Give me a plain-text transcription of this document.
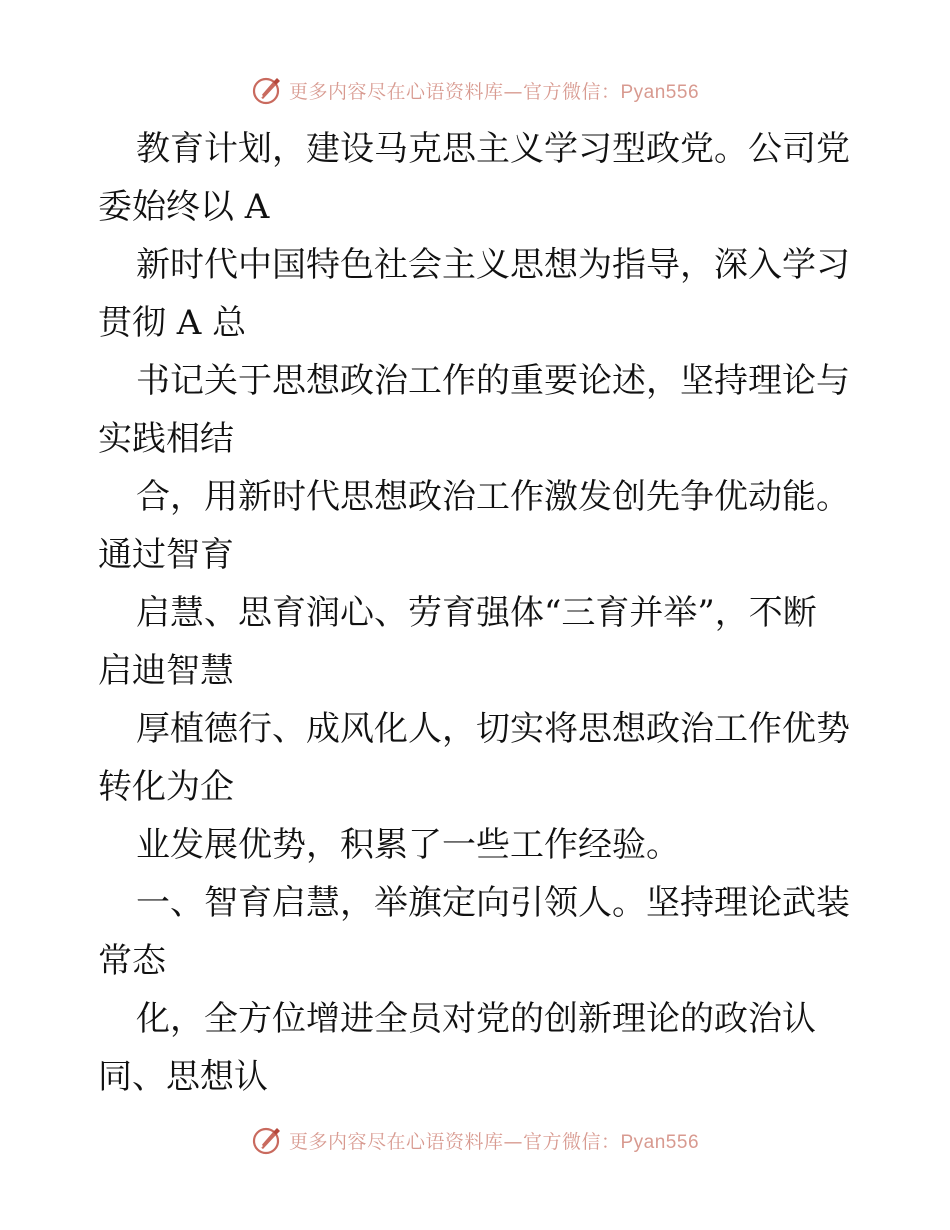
更多内容尽在心语资料库—官方微信：Pyan556
教育计划，建设马克思主义学习型政党。公司党
委始终以 A
新时代中国特色社会主义思想为指导，深入学习
贯彻 A 总
书记关于思想政治工作的重要论述，坚持理论与
实践相结
合，用新时代思想政治工作激发创先争优动能。
通过智育
启慧、思育润心、劳育强体“三育并举”，不断
启迪智慧
厚植德行、成风化人，切实将思想政治工作优势
转化为企
业发展优势，积累了一些工作经验。
一、智育启慧，举旗定向引领人。坚持理论武装
常态
化，全方位增进全员对党的创新理论的政治认
同、思想认
更多内容尽在心语资料库—官方微信：Pyan556
